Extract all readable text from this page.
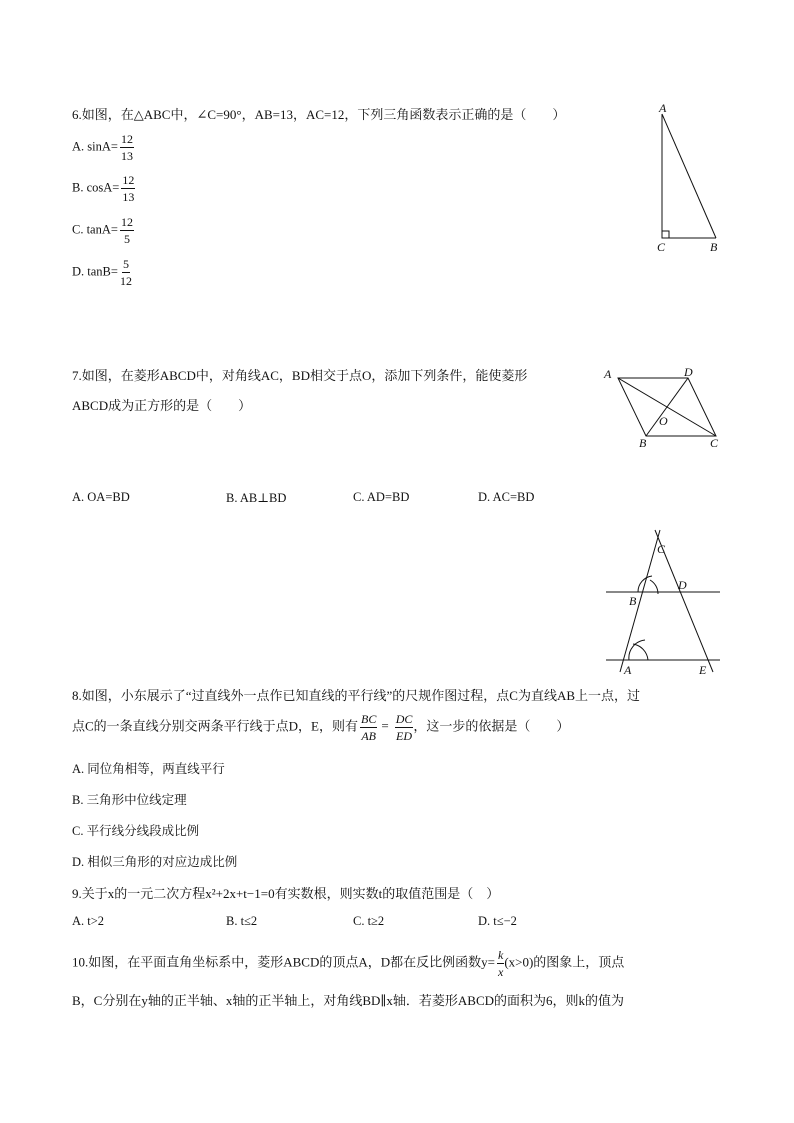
6.如图，在△ABC中，∠C=90°，AB=13，AC=12，下列三角函数表示正确的是（　　）
A. $\sin A= \frac{12}{13}$
B. $\cos A= \frac{12}{13}$
C. $\tan A= \frac{12}{5}$
D. $\tan B= \frac{5}{12}$
A
C	B
7.如图，在菱形ABCD中，对角线AC，BD相交于点O，添加下列条件，能使菱形
ABCD成为正方形的是（　　）
A	D
O
B	C
A. OA=BD	B. AB⊥BD	C. AD=BD	D. AC=BD
C
D
B
A	E
8.如图，小东展示了“过直线外一点作已知直线的平行线”的尺规作图过程，点C为直线AB上一点，过
点C的一条直线分别交两条平行线于点D，E，则有 $\frac{BC}{AB} = \frac{DC}{ED}$ ，这一步的依据是（　　）
A. 同位角相等，两直线平行
B. 三角形中位线定理
C. 平行线分线段成比例
D. 相似三角形的对应边成比例
9.关于x的一元二次方程x²+2x+t−1=0有实数根，则实数t的取值范围是（　）
A. t>2	B. t≤2	C. t≥2	D. t≤−2
10.如图，在平面直角坐标系中，菱形ABCD的顶点A，D都在反比例函数$y= \frac{k}{x} (x>0)$的图象上，顶点
B，C分别在y轴的正半轴、x轴的正半轴上，对角线BD∥x轴．若菱形ABCD的面积为6，则k的值为
